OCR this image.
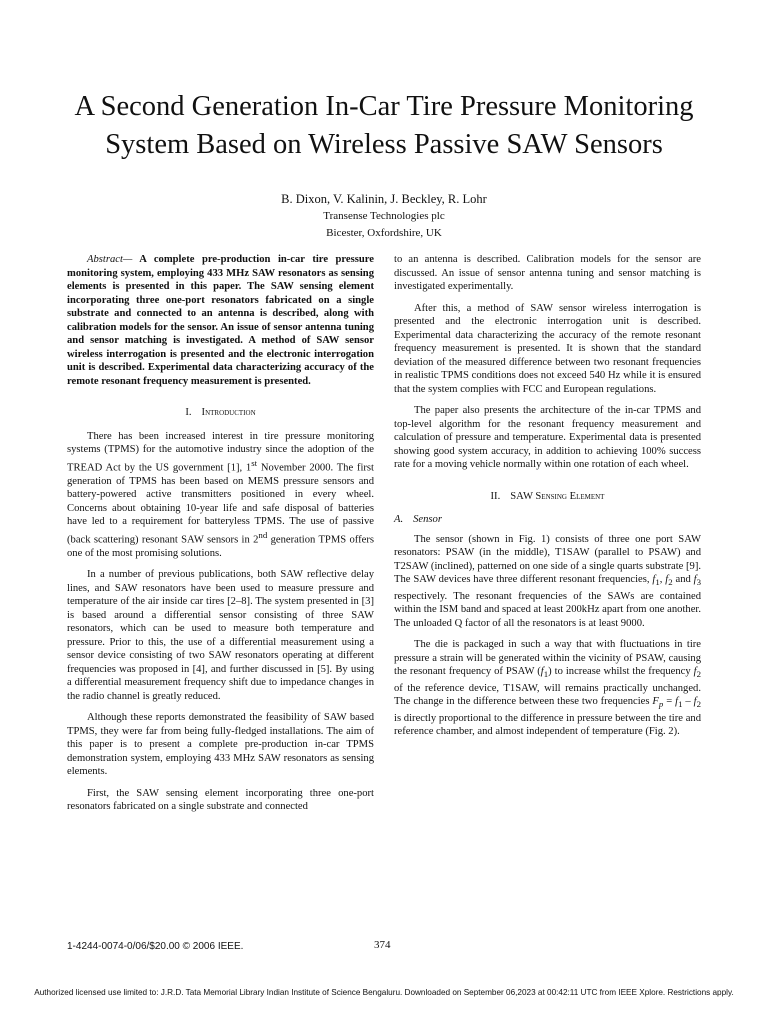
A Second Generation In-Car Tire Pressure Monitoring
System Based on Wireless Passive SAW Sensors
B. Dixon, V. Kalinin, J. Beckley, R. Lohr
Transense Technologies plc
Bicester, Oxfordshire, UK

Abstract— A complete pre-production in-car tire pressure monitoring system, employing 433 MHz SAW resonators as sensing elements is presented in this paper. The SAW sensing element incorporating three one-port resonators fabricated on a single substrate and connected to an antenna is described, along with calibration models for the sensor. An issue of sensor antenna tuning and sensor matching is investigated. A method of SAW sensor wireless interrogation is presented and the electronic interrogation unit is described. Experimental data characterizing accuracy of the remote resonant frequency measurement is presented.

I. Introduction

There has been increased interest in tire pressure monitoring systems (TPMS) for the automotive industry since the adoption of the TREAD Act by the US government [1], 1st November 2000. The first generation of TPMS has been based on MEMS pressure sensors and battery-powered active transmitters positioned in every wheel. Concerns about obtaining 10-year life and safe disposal of batteries have led to a requirement for batteryless TPMS. The use of passive (back scattering) resonant SAW sensors in 2nd generation TPMS offers one of the most promising solutions.

In a number of previous publications, both SAW reflective delay lines, and SAW resonators have been used to measure pressure and temperature of the air inside car tires [2–8]. The system presented in [3] is based around a differential sensor consisting of three SAW resonators, which can be used to measure both temperature and pressure. Prior to this, the use of a differential measurement using a sensor device consisting of two SAW resonators operating at different frequencies was proposed in [4], and further discussed in [5]. By using a differential measurement frequency shift due to impedance changes in the radio channel is greatly reduced.

Although these reports demonstrated the feasibility of SAW based TPMS, they were far from being fully-fledged installations. The aim of this paper is to present a complete pre-production in-car TPMS demonstration system, employing 433 MHz SAW resonators as sensing elements.

First, the SAW sensing element incorporating three one-port resonators fabricated on a single substrate and connected

to an antenna is described. Calibration models for the sensor are discussed. An issue of sensor antenna tuning and sensor matching is investigated experimentally.

After this, a method of SAW sensor wireless interrogation is presented and the electronic interrogation unit is described. Experimental data characterizing the accuracy of the remote resonant frequency measurement is presented. It is shown that the standard deviation of the measured difference between two resonant frequencies in realistic TPMS conditions does not exceed 540 Hz while it is ensured that the system complies with FCC and European regulations.

The paper also presents the architecture of the in-car TPMS and top-level algorithm for the resonant frequency measurement and calculation of pressure and temperature. Experimental data is presented showing good system accuracy, in addition to achieving 100% success rate for a moving vehicle normally within one rotation of each wheel.

II. SAW Sensing Element
A. Sensor

The sensor (shown in Fig. 1) consists of three one port SAW resonators: PSAW (in the middle), T1SAW (parallel to PSAW) and T2SAW (inclined), patterned on one side of a single quarts substrate [9]. The SAW devices have three different resonant frequencies, $f_1$, $f_2$ and $f_3$ respectively. The resonant frequencies of the SAWs are contained within the ISM band and spaced at least 200kHz apart from one another. The unloaded Q factor of all the resonators is at least 9000.

The die is packaged in such a way that with fluctuations in tire pressure a strain will be generated within the vicinity of PSAW, causing the resonant frequency of PSAW $(f_1)$ to increase whilst the frequency $f_2$ of the reference device, T1SAW, will remains practically unchanged. The change in the difference between these two frequencies $F_p = f_1 - f_2$ is directly proportional to the difference in pressure between the tire and reference chamber, and almost independent of temperature (Fig. 2).

1-4244-0074-0/06/$20.00 © 2006 IEEE.	374
Authorized licensed use limited to: J.R.D. Tata Memorial Library Indian Institute of Science Bengaluru. Downloaded on September 06,2023 at 00:42:11 UTC from IEEE Xplore. Restrictions apply.
